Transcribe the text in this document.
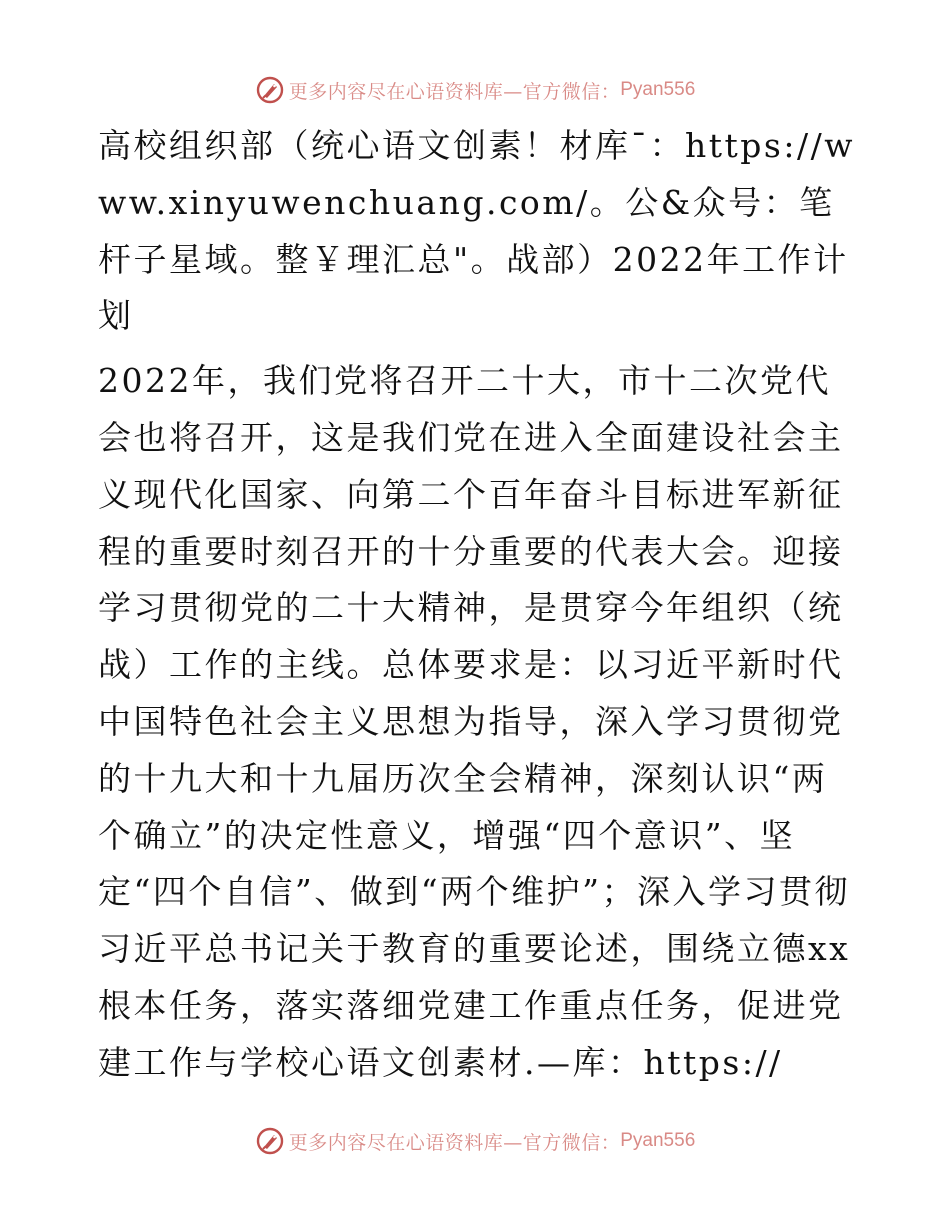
更多内容尽在心语资料库—官方微信： Pyan556

高校组织部（统心语文创素！材库¯：https://www.xinyuwenchuang.com/。公&众号：笔杆子星域。整￥理汇总"。战部）2022年工作计划

2022年，我们党将召开二十大，市十二次党代会也将召开，这是我们党在进入全面建设社会主义现代化国家、向第二个百年奋斗目标进军新征程的重要时刻召开的十分重要的代表大会。迎接学习贯彻党的二十大精神，是贯穿今年组织（统战）工作的主线。总体要求是：以习近平新时代中国特色社会主义思想为指导，深入学习贯彻党的十九大和十九届历次全会精神，深刻认识“两个确立”的决定性意义，增强“四个意识”、坚定“四个自信”、做到“两个维护”；深入学习贯彻习近平总书记关于教育的重要论述，围绕立德xx根本任务，落实落细党建工作重点任务，促进党建工作与学校心语文创素材.—库：https://

更多内容尽在心语资料库—官方微信： Pyan556
